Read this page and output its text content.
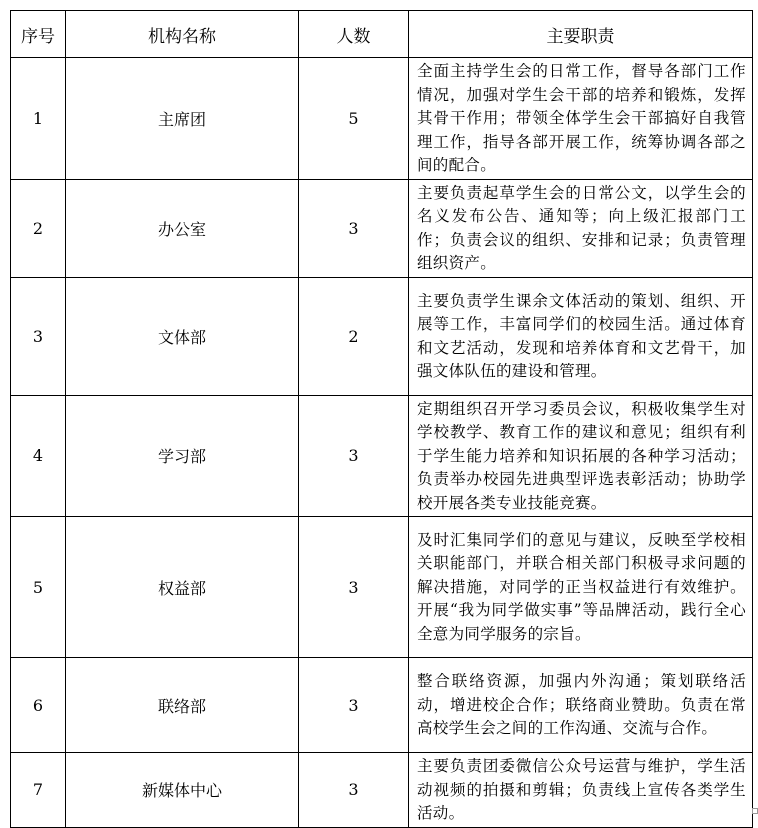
序号	机构名称	人数	主要职责
1	主席团	5	全面主持学生会的日常工作，督导各部门工作情况，加强对学生会干部的培养和锻炼，发挥其骨干作用；带领全体学生会干部搞好自我管理工作，指导各部开展工作，统筹协调各部之间的配合。
2	办公室	3	主要负责起草学生会的日常公文，以学生会的名义发布公告、通知等；向上级汇报部门工作；负责会议的组织、安排和记录；负责管理组织资产。
3	文体部	2	主要负责学生课余文体活动的策划、组织、开展等工作，丰富同学们的校园生活。通过体育和文艺活动，发现和培养体育和文艺骨干，加强文体队伍的建设和管理。
4	学习部	3	定期组织召开学习委员会议，积极收集学生对学校教学、教育工作的建议和意见；组织有利于学生能力培养和知识拓展的各种学习活动；负责举办校园先进典型评选表彰活动；协助学校开展各类专业技能竞赛。
5	权益部	3	及时汇集同学们的意见与建议，反映至学校相关职能部门，并联合相关部门积极寻求问题的解决措施，对同学的正当权益进行有效维护。开展“我为同学做实事”等品牌活动，践行全心全意为同学服务的宗旨。
6	联络部	3	整合联络资源，加强内外沟通；策划联络活动，增进校企合作；联络商业赞助。负责在常高校学生会之间的工作沟通、交流与合作。
7	新媒体中心	3	主要负责团委微信公众号运营与维护，学生活动视频的拍摄和剪辑；负责线上宣传各类学生活动。
